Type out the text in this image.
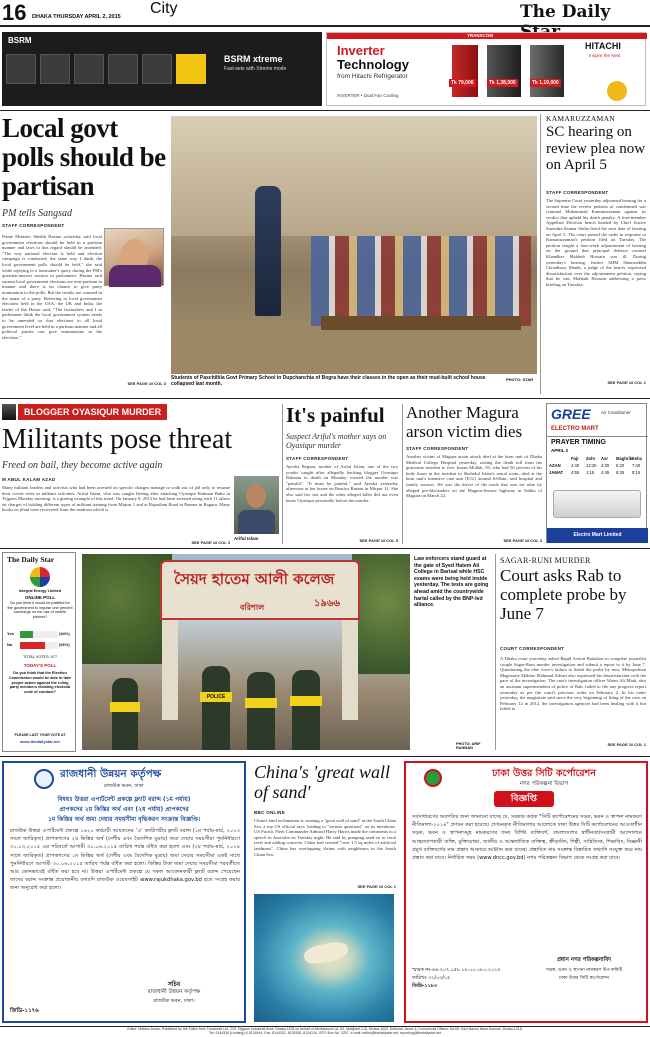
16 DHAKA THURSDAY APRIL 2, 2015 City	The Daily
BSRM
BSRM xtreme
Fast-sets with Xtreme mode
TRANSCOM
Inverter
Technology
from Hitachi Refrigerator
INVERTER • Dual Fan Cooling
Tk 79,000	Tk 1,38,000	Tk 1,19,000
HITACHI
Inspire the Next
Local govt polls should be partisan
PM tells Sangsad
STAFF CORRESPONDENT
Prime Minister Sheikh Hasina yesterday said local government elections should be held in a partisan manner and laws to this regard should be amended. "The way national election is held and election campaign is conducted, the same way I think, the local government polls should be held," she said while replying to a lawmaker's query during the PM's question-answer session in parliament. Hasina said current local government elections are non-partisan in manner and there is no chance to give party nomination to the polls. But the results are counted in the name of a party. Referring to local government elections held in the USA, the UK and India, the leader of the House said, "The lawmakers and I in parliament think the local government system needs to be amended so that elections to all local government level are held in a partisan manner and all political parties can give nominations in the elections."
SEE PAGE 10 COL 3
Students of Paschiltila Govt Primary School in Dupchanchia of Bogra have their classes in the open as their mud-built school house collapsed last month.
PHOTO: STAR
KAMARUZZAMAN
SC hearing on review plea now on April 5
STAFF CORRESPONDENT
The Supreme Court yesterday adjourned hearing for a second time the review petition of condemned war criminal Muhammad Kamaruzzaman against its verdict that upheld his death penalty. A four-member Appellate Division bench headed by Chief Justice Surendra Kumar Sinha fixed the next date of hearing on April 5. The court passed the order in response to Kamaruzzaman's petition filed on Tuesday. The petition sought a four-week adjournment of hearing on the ground that principal defence counsel Khandker Mahbub Hossain was ill. During yesterday's hearing, Justice AHM Shamsuddin Choudhury Manik, a judge of the bench, expressed dissatisfaction over the adjournment petition, saying that he saw Mahbub Hossain addressing a press briefing on Tuesday.
SEE PAGE 10 COL 1
BLOGGER OYASIQUR MURDER
Militants pose threat
Freed on bail, they become active again
M ABUL KALAM AZAD
Many militant leaders and activists who had been arrested on specific charges manage to walk out of jail only to resume their covert roles in militant activities. Ariful Islam, who was caught fleeing after attacking Oyasiqur Rahman Babu in Tejgaon Monday morning, is a glaring example of this trend. On January 8, 2013 he had been arrested along with 11 others on charges of holding different types of militant training from Mirpur 1 and at Rajasthan Road in Ramna in Bagura. Many books on jihad were recovered from the madrasa which is
SEE PAGE 10 COL 3
Ariful Islam
It's painful
Suspect Ariful's mother says on Oyasiqur murder
STAFF CORRESPONDENT
Ayesha Begum, mother of Ariful Islam, one of the two youths caught after allegedly hacking blogger Oyasiqur Rahman to death on Monday, viewed the murder was "painful". "It must be painful," said Ayesha yesterday afternoon at her house on Beutiya Bazaar in Mirpur 11. She also said her son and the other alleged killer did not even know Oyasiqur personally before the murder.
SEE PAGE 10 COL 5
Another Magura arson victim dies
STAFF CORRESPONDENT
Another victim of Magura arson attack died at the burn unit of Dhaka Medical College Hospital yesterday, raising the death toll from the gruesome incident to five. Imran Mollah, 50, who had 50 percent of his body burnt in the incident in Shahidul Islam's rental room, died at the burn unit's intensive care unit (ICU) around 6:00am, said hospital and family sources. He was the driver of the truck that was set afire by alleged pro-blockaders on the Magura-Jessore highway in Saliha of Magura on March 22.
SEE PAGE 10 COL 3
GREE Air Conditioner
ELECTRO MART
PRAYER TIMING
APRIL 2
Fajr	Zohr	Asr	Maghrib Esha
AZAN	4:40	12:30	4:30	6:20	7:40
JAMAT	4:55	1:15	4:45	6:25	8:15
Electro Mart Limited
The Daily Star
Integral Energy Limited
ONLINE POLL
Do you think it would be justified for the government to impose one percent surcharge on the use of mobile phones?
Yes	(34%)
No	(66%)
TOTAL VOTES: 577
TODAY'S POLL
Do you think that the Election Commission would be able to take proper action against the ruling party members violating electoral code of conduct?
PLEASE LAST YOUR VOTE AT
www.thedailystar.net
সৈয়দ হাতেম আলী কলেজ
১৯৬৬
বরিশাল
POLICE
Law enforcers stand guard at the gate of Syed Hatem Ali College in Barisal while HSC exams were being held inside yesterday. The tests are going ahead amid the countrywide hartal called by the BNP-led alliance.
PHOTO: ARIF RAHMAN
SAGAR-RUNI MURDER
Court asks Rab to complete probe by June 7
COURT CORRESPONDENT
A Dhaka court yesterday asked Rapid Action Battalion to complete journalist couple Sagar-Runi murder investigation and submit a report to it by June 7. Questioning the elite force's failure to finish the probe by now, Metropolitan Magistrate Mahfuz Mahmud Advait also expressed his dissatisfaction with the pace of the investigation. The case's investigation officer Wares Ali Miah, also an assistant superintendent of police of Rab, failed to file any progress report yesterday as per the court's previous order on February 2. In his order yesterday, the magistrate said since the very beginning of filing of the case on February 12 in 2012, the investigation agencies had been dealing with it but failed to
SEE PAGE 10 COL 1
রাজধানী উন্নয়ন কর্তৃপক্ষ
রাজউক ভবন, ঢাকা
বিষয়ঃ উত্তরা এপার্টমেন্ট প্রকল্পে ফ্ল্যাট বরাদ্দ (১ম পর্যায়)
প্রাপকদের ২য় কিস্তির অর্থ এবং (২য় পর্যায়) প্রাপকদের
১ম কিস্তির অর্থ জমা দেয়ার সময়সীমা বৃদ্ধিকরণ সংক্রান্ত বিজ্ঞপ্তি।
রাজউক উত্তরা এপার্টমেন্ট প্রকল্পে ১৬২০ কর্মচারী আয়তনের ‘এ’ ক্যাটাগরীর ফ্ল্যাট বরাদ্দ (১ম পর্যায়-মার্চ, ২০১৩ সালে জারিকৃত) প্রাপকগণের ২য় কিস্তির অর্থ (দেশীয় এবং বৈদেশিক মুদ্রায়) জমা দেয়ার সময়সীমা পুনর্নির্ধারণে ৩১.০৩.২০১৫ এর পরিবর্তে আগামী ৩০.০৬.২০১৫ তারিখ পর্যন্ত বর্ধিত করা হলো এবং (২য় পর্যায়-মার্চ, ২০১৪ সালে জারিকৃত) প্রাপকগণের ১ম কিস্তির অর্থ (দেশীয় এবং বৈদেশিক মুদ্রায়) জমা দেয়ার সময়সীমা একই সাথে পুনর্নির্ধারণে আগামী ৩০.০৬.২০১৫ তারিখ পর্যন্ত বর্ধিত করা হলো। কিস্তির টাকা জমা দেয়ার সময়সীমা পরবর্তীতে আর কোনভাবেই বর্ধিত করা হবে না। উত্তরা এপার্টমেন্ট প্রকল্পে যে সকল আবেদনকারী ফ্ল্যাট বরাদ্দ পেয়েছেন তাদের বরাদ্দ সংক্রান্ত প্রয়োজনীয় তথ্যাদি রাজউক ওয়েবসাইট www.rajukdhaka.gov.bd হতে সংগ্রহ করার জন্য অনুরোধ করা হলো।
সচিব
রাজধানী উন্নয়ন কর্তৃপক্ষ
রাজউক ভবন, ঢাকা।
জিডি-১১৭৬
China's 'great wall of sand'
BBC ONLINE
China's land reclamation is creating a "great wall of sand" in the South China Sea, a top US official says, leading to "serious questions" on its intentions. US Pacific Fleet Commander Admiral Harry Harris made the comments in a speech in Australia on Tuesday night. He said by pumping sand on to coral reefs and adding concrete, China had created "over 1.5 sq miles of artificial landmass". China has overlapping claims with neighbours in the South China Sea.
SEE PAGE 10 COL 1
ঢাকা উত্তর সিটি কর্পোরেশন
নগর পরিকল্পনা বিভাগ
বিজ্ঞপ্তি
সর্বসাধারণের অবগতির জন্য জানানো যাচ্ছে যে, সরকার কর্তৃক "সিটি কর্পোরেশনের সড়ক, ভবন ও স্থাপনা নামকরণ নীতিমালা-২০১৪" প্রণয়ন করা হয়েছে। প্রণয়নকৃত নীতিমালার আলোকে ঢাকা উত্তর সিটি কর্পোরেশনের আওতাধীন সড়ক, ভবন ও স্থাপনাসমূহ নামকরণের জন্য বিশিষ্ট ব্যক্তিবর্গ, বাংলাদেশের স্বাধীনতা/সংগ্রামী আন্দোলনে আত্মত্যাগকারী ব্যক্তি, মুক্তিযোদ্ধা, জাতীয় ও আন্তর্জাতিক ব্যক্তিত্ব, ক্রীড়াবিদ, শিল্পী, সাহিত্যিক, শিক্ষাবিদ, বিজ্ঞানী প্রমুখ ব্যক্তিবর্গের নাম প্রস্তাব আকারে আহ্বান করা যাচ্ছে। প্রস্তাবিত নাম সংক্রান্ত বিস্তারিত তথ্যাদি সংযুক্ত করে নাম প্রস্তাব করা যাবে। নির্ধারিত ফরম (www.dncc.gov.bd) নগর পরিকল্পনা বিভাগ থেকে সংগ্রহ করা যাবে।
প্রধান নগর পরিকল্পনাবিদ
সড়ক, ভবন ও স্থাপনা নামকরণ উপ-কমিটি
ঢাকা উত্তর সিটি কর্পোরেশন
স্মারক নং-৪৬.২০৭.০৫৮.১৮.০০.০৮০.২০১৫
তারিখঃ ৩১/০৩/১৫
জিডি-১১৮৩
Editor: Mahfuz Anam. Published by the Editor from Transcraft Ltd. 229, Tejgaon Industrial Area, Dhaka-1208 on behalf of Mediaworld Ltd. 52, Motijheel C/A, Dhaka-1000. Editorial, News & Commercial Offices: 64-65, Kazi Nazrul Islam Avenue, Dhaka-1215.
Tel: 9144330 (Hunting) & 8124944, Fax: 8144332, 8125155, 8124134, GPO Box No: 3257. e-mail: editor@thedailystar.net, reporting@thedailystar.net
